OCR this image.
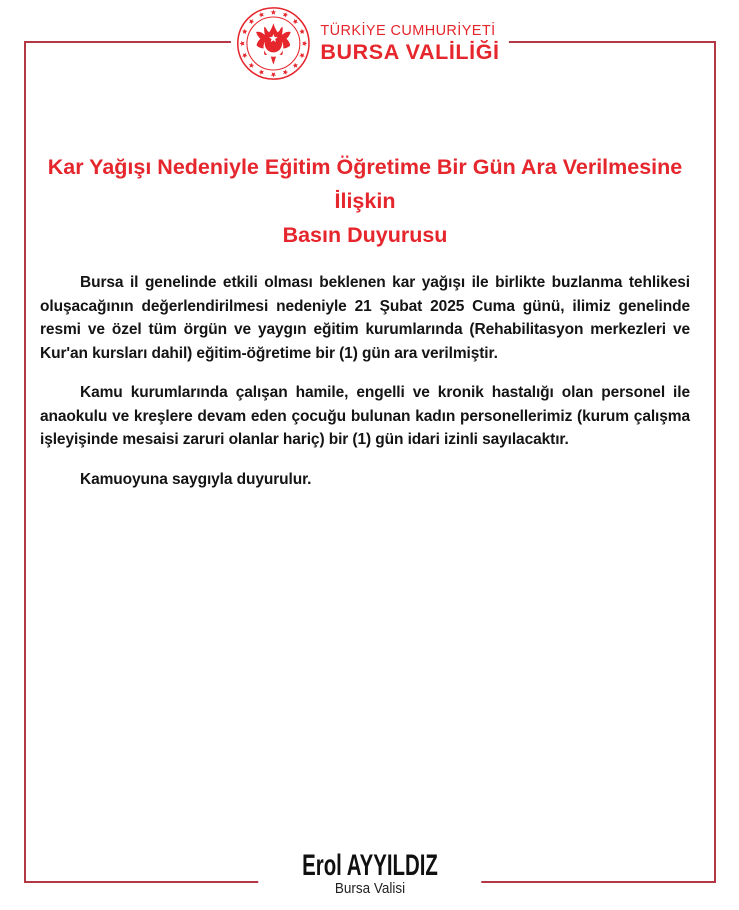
TÜRKİYE CUMHURİYETİ
BURSA VALİLİĞİ
Kar Yağışı Nedeniyle Eğitim Öğretime Bir Gün Ara Verilmesine İlişkin
Basın Duyurusu

Bursa il genelinde etkili olması beklenen kar yağışı ile birlikte buzlanma tehlikesi oluşacağının değerlendirilmesi nedeniyle 21 Şubat 2025 Cuma günü, ilimiz genelinde resmi ve özel tüm örgün ve yaygın eğitim kurumlarında (Rehabilitasyon merkezleri ve Kur'an kursları dahil) eğitim-öğretime bir (1) gün ara verilmiştir.

Kamu kurumlarında çalışan hamile, engelli ve kronik hastalığı olan personel ile anaokulu ve kreşlere devam eden çocuğu bulunan kadın personellerimiz (kurum çalışma işleyişinde mesaisi zaruri olanlar hariç) bir (1) gün idari izinli sayılacaktır.

Kamuoyuna saygıyla duyurulur.

Erol AYYILDIZ
Bursa Valisi
